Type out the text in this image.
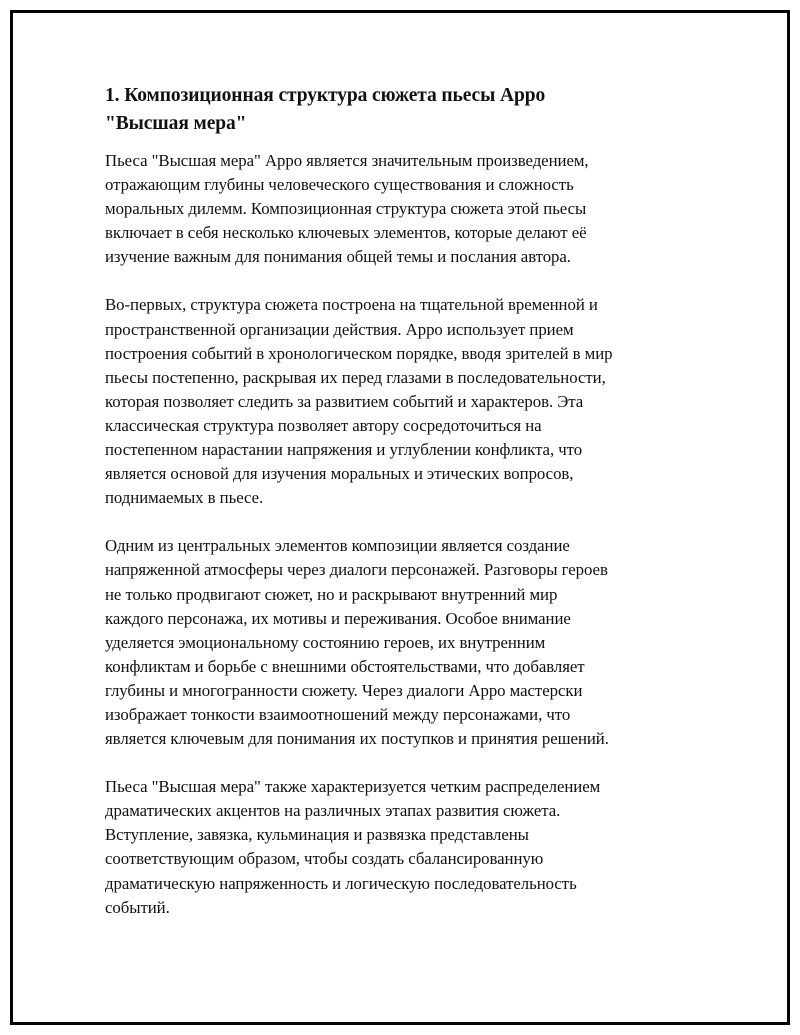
1. Композиционная структура сюжета пьесы Арро
"Высшая мера"

Пьеса "Высшая мера" Арро является значительным произведением,
отражающим глубины человеческого существования и сложность
моральных дилемм. Композиционная структура сюжета этой пьесы
включает в себя несколько ключевых элементов, которые делают её
изучение важным для понимания общей темы и послания автора.

Во-первых, структура сюжета построена на тщательной временной и
пространственной организации действия. Арро использует прием
построения событий в хронологическом порядке, вводя зрителей в мир
пьесы постепенно, раскрывая их перед глазами в последовательности,
которая позволяет следить за развитием событий и характеров. Эта
классическая структура позволяет автору сосредоточиться на
постепенном нарастании напряжения и углублении конфликта, что
является основой для изучения моральных и этических вопросов,
поднимаемых в пьесе.

Одним из центральных элементов композиции является создание
напряженной атмосферы через диалоги персонажей. Разговоры героев
не только продвигают сюжет, но и раскрывают внутренний мир
каждого персонажа, их мотивы и переживания. Особое внимание
уделяется эмоциональному состоянию героев, их внутренним
конфликтам и борьбе с внешними обстоятельствами, что добавляет
глубины и многогранности сюжету. Через диалоги Арро мастерски
изображает тонкости взаимоотношений между персонажами, что
является ключевым для понимания их поступков и принятия решений.

Пьеса "Высшая мера" также характеризуется четким распределением
драматических акцентов на различных этапах развития сюжета.
Вступление, завязка, кульминация и развязка представлены
соответствующим образом, чтобы создать сбалансированную
драматическую напряженность и логическую последовательность
событий.
